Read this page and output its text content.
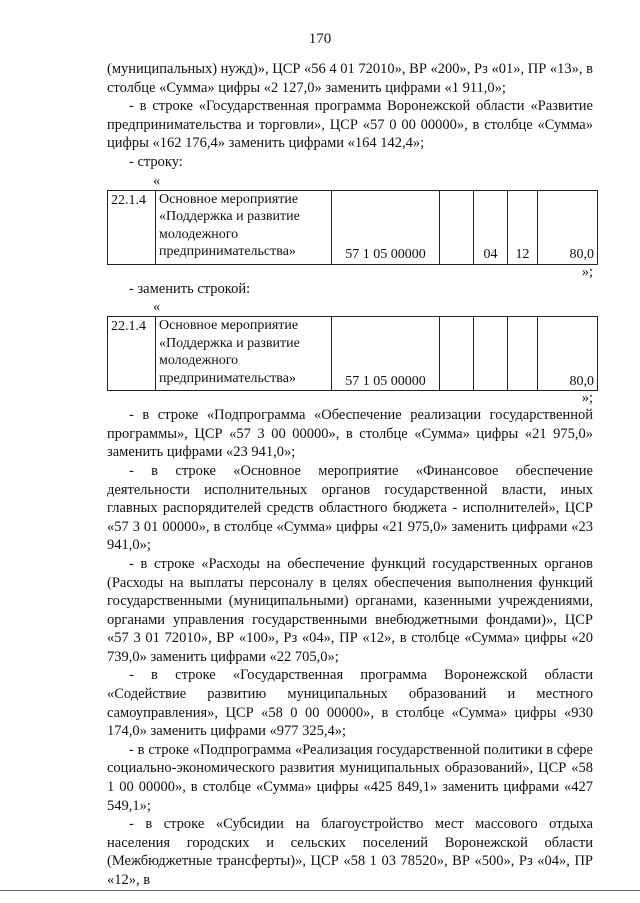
170

(муниципальных) нужд)», ЦСР «56 4 01 72010», ВР «200», Рз «01», ПР «13», в столбце «Сумма» цифры «2 127,0» заменить цифрами «1 911,0»;

- в строке «Государственная программа Воронежской области «Развитие предпринимательства и торговли», ЦСР «57 0 00 00000», в столбце «Сумма» цифры «162 176,4» заменить цифрами «164 142,4»;

- строку:

«

22.1.4	Основное мероприятие «Поддержка и развитие молодежного предпринимательства»	57 1 05 00000		04	12	80,0

»;

- заменить строкой:

«

22.1.4	Основное мероприятие «Поддержка и развитие молодежного предпринимательства»	57 1 05 00000				80,0

»;

- в строке «Подпрограмма «Обеспечение реализации государственной программы», ЦСР «57 3 00 00000», в столбце «Сумма» цифры «21 975,0» заменить цифрами «23 941,0»;

- в строке «Основное мероприятие «Финансовое обеспечение деятельности исполнительных органов государственной власти, иных главных распорядителей средств областного бюджета - исполнителей», ЦСР «57 3 01 00000», в столбце «Сумма» цифры «21 975,0» заменить цифрами «23 941,0»;

- в строке «Расходы на обеспечение функций государственных органов (Расходы на выплаты персоналу в целях обеспечения выполнения функций государственными (муниципальными) органами, казенными учреждениями, органами управления государственными внебюджетными фондами)», ЦСР «57 3 01 72010», ВР «100», Рз «04», ПР «12», в столбце «Сумма» цифры «20 739,0» заменить цифрами «22 705,0»;

- в строке «Государственная программа Воронежской области «Содействие развитию муниципальных образований и местного самоуправления», ЦСР «58 0 00 00000», в столбце «Сумма» цифры «930 174,0» заменить цифрами «977 325,4»;

- в строке «Подпрограмма «Реализация государственной политики в сфере социально-экономического развития муниципальных образований», ЦСР «58 1 00 00000», в столбце «Сумма» цифры «425 849,1» заменить цифрами «427 549,1»;

- в строке «Субсидии на благоустройство мест массового отдыха населения городских и сельских поселений Воронежской области (Межбюджетные трансферты)», ЦСР «58 1 03 78520», ВР «500», Рз «04», ПР «12», в
